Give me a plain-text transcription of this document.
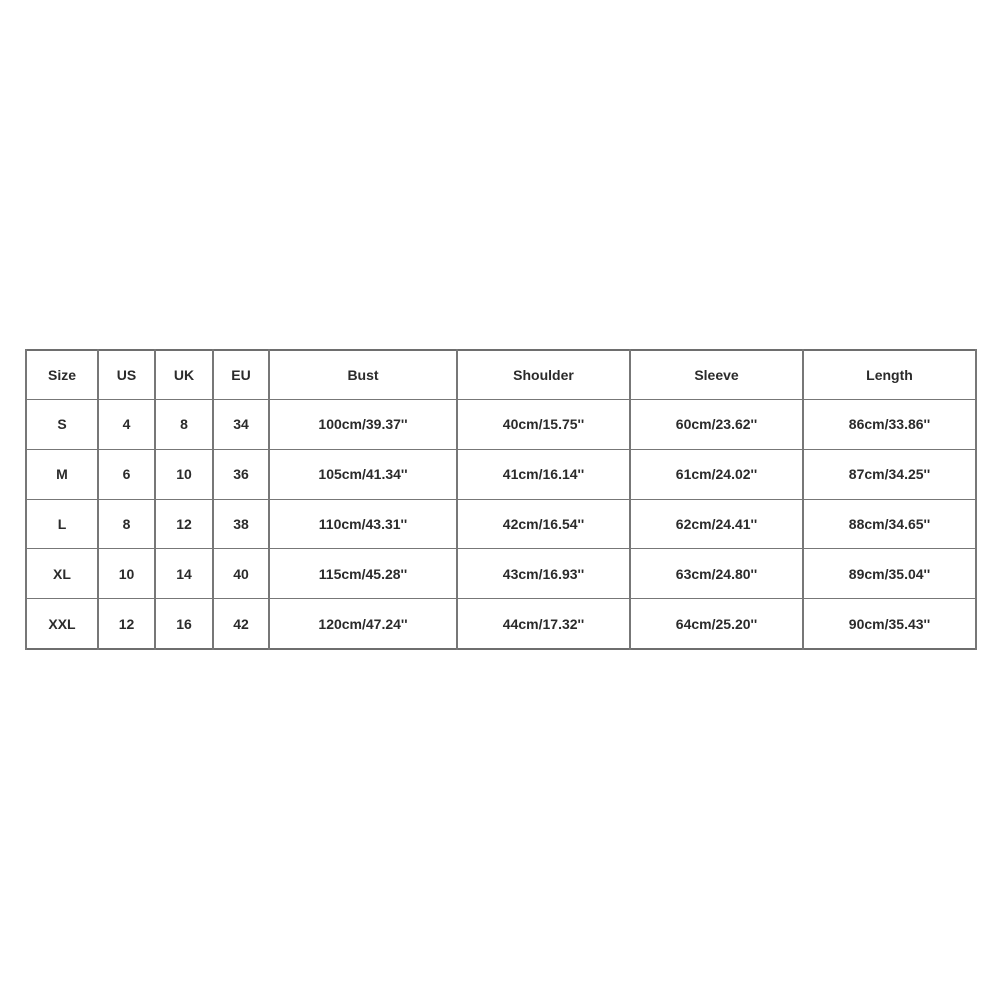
Size	US	UK	EU	Bust	Shoulder	Sleeve	Length
S	4	8	34	100cm/39.37''	40cm/15.75''	60cm/23.62''	86cm/33.86''
M	6	10	36	105cm/41.34''	41cm/16.14''	61cm/24.02''	87cm/34.25''
L	8	12	38	110cm/43.31''	42cm/16.54''	62cm/24.41''	88cm/34.65''
XL	10	14	40	115cm/45.28''	43cm/16.93''	63cm/24.80''	89cm/35.04''
XXL	12	16	42	120cm/47.24''	44cm/17.32''	64cm/25.20''	90cm/35.43''
